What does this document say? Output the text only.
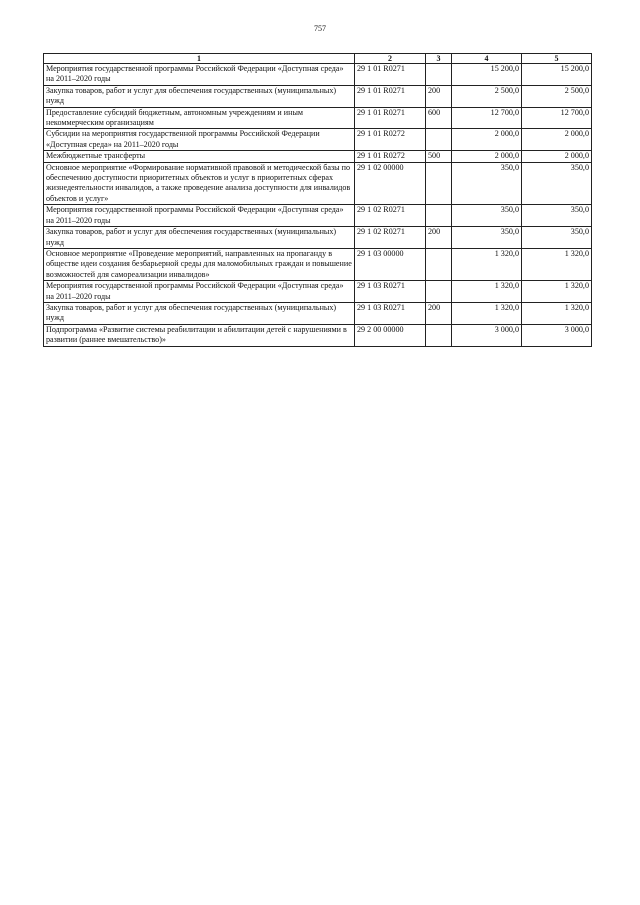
757
1	2	3	4	5
Мероприятия государственной программы Российской Федерации «Доступная среда» на 2011–2020 годы	29 1 01 R0271		15 200,0	15 200,0
Закупка товаров, работ и услуг для обеспечения государственных (муниципальных) нужд	29 1 01 R0271	200	2 500,0	2 500,0
Предоставление субсидий бюджетным, автономным учреждениям и иным некоммерческим организациям	29 1 01 R0271	600	12 700,0	12 700,0
Субсидии на мероприятия государственной программы Российской Федерации «Доступная среда» на 2011–2020 годы	29 1 01 R0272		2 000,0	2 000,0
Межбюджетные трансферты	29 1 01 R0272	500	2 000,0	2 000,0
Основное мероприятие «Формирование нормативной правовой и методической базы по обеспечению доступности приоритетных объектов и услуг в приоритетных сферах жизнедеятельности инвалидов, а также проведение анализа доступности для инвалидов объектов и услуг»	29 1 02 00000		350,0	350,0
Мероприятия государственной программы Российской Федерации «Доступная среда» на 2011–2020 годы	29 1 02 R0271		350,0	350,0
Закупка товаров, работ и услуг для обеспечения государственных (муниципальных) нужд	29 1 02 R0271	200	350,0	350,0
Основное мероприятие «Проведение мероприятий, направленных на пропаганду в обществе идеи создания безбарьерной среды для маломобильных граждан и повышение возможностей для самореализации инвалидов»	29 1 03 00000		1 320,0	1 320,0
Мероприятия государственной программы Российской Федерации «Доступная среда» на 2011–2020 годы	29 1 03 R0271		1 320,0	1 320,0
Закупка товаров, работ и услуг для обеспечения государственных (муниципальных) нужд	29 1 03 R0271	200	1 320,0	1 320,0
Подпрограмма «Развитие системы реабилитации и абилитации детей с нарушениями в развитии (раннее вмешательство)»	29 2 00 00000		3 000,0	3 000,0
